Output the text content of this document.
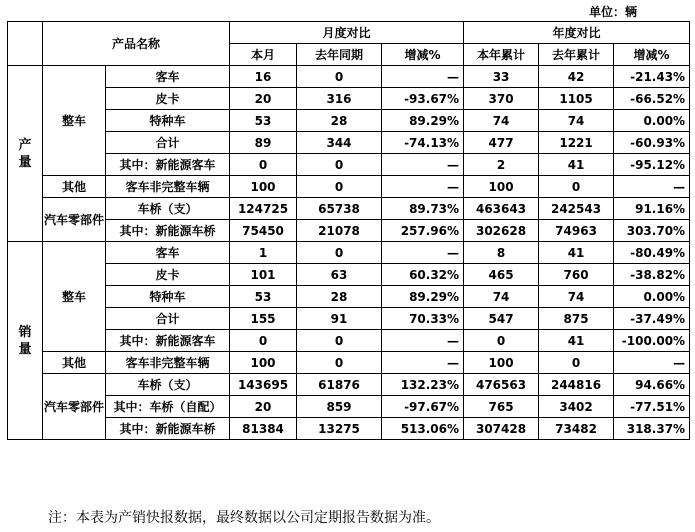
单位：辆
	产品名称		月度对比			年度对比		
			本月	去年同期	增减%	本年累计	去年累计	增减%

产量	整车	客车	16	0	—	33	42	-21.43%
		皮卡	20	316	-93.67%	370	1105	-66.52%
		特种车	53	28	89.29%	74	74	0.00%
		合计	89	344	-74.13%	477	1221	-60.93%
		其中：新能源客车	0	0	—	2	41	-95.12%
	其他	客车非完整车辆	100	0	—	100	0	—
	汽车零部件	车桥（支）	124725	65738	89.73%	463643	242543	91.16%
		其中：新能源车桥	75450	21078	257.96%	302628	74963	303.70%

销量	整车	客车	1	0	—	8	41	-80.49%
		皮卡	101	63	60.32%	465	760	-38.82%
		特种车	53	28	89.29%	74	74	0.00%
		合计	155	91	70.33%	547	875	-37.49%
		其中：新能源客车	0	0	—	0	41	-100.00%
	其他	客车非完整车辆	100	0	—	100	0	—
	汽车零部件	车桥（支）	143695	61876	132.23%	476563	244816	94.66%
		其中：车桥（自配）	20	859	-97.67%	765	3402	-77.51%
		其中：新能源车桥	81384	13275	513.06%	307428	73482	318.37%
注：本表为产销快报数据，最终数据以公司定期报告数据为准。
